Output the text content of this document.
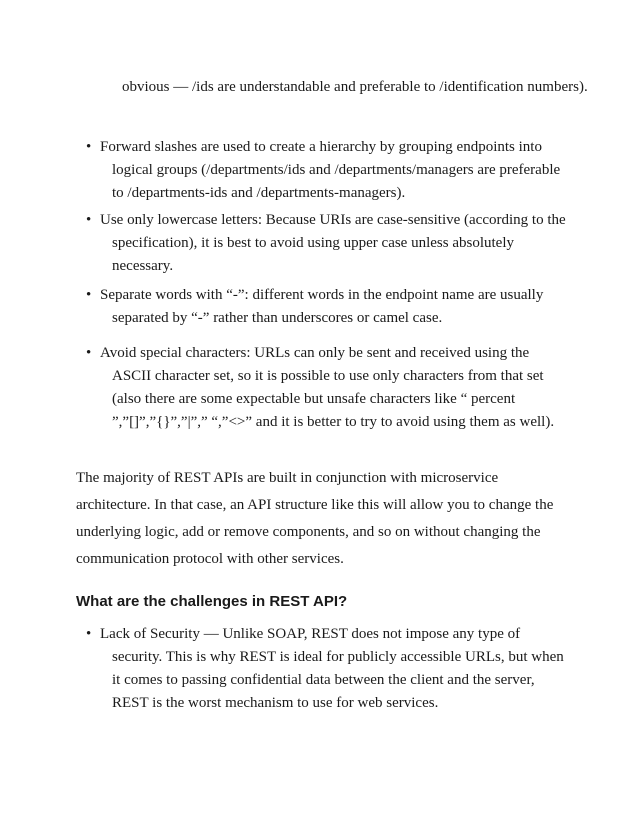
obvious — /ids are understandable and preferable to /identification numbers).
• Forward slashes are used to create a hierarchy by grouping endpoints into logical groups (/departments/ids and /departments/managers are preferable to /departments-ids and /departments-managers).
• Use only lowercase letters: Because URIs are case-sensitive (according to the specification), it is best to avoid using upper case unless absolutely necessary.
• Separate words with “-”: different words in the endpoint name are usually separated by “-” rather than underscores or camel case.
• Avoid special characters: URLs can only be sent and received using the ASCII character set, so it is possible to use only characters from that set (also there are some expectable but unsafe characters like “ percent ”,”[]”,”{}”,”|”,” “,”<>” and it is better to try to avoid using them as well).
The majority of REST APIs are built in conjunction with microservice architecture. In that case, an API structure like this will allow you to change the underlying logic, add or remove components, and so on without changing the communication protocol with other services.
What are the challenges in REST API?
• Lack of Security — Unlike SOAP, REST does not impose any type of security. This is why REST is ideal for publicly accessible URLs, but when it comes to passing confidential data between the client and the server, REST is the worst mechanism to use for web services.
